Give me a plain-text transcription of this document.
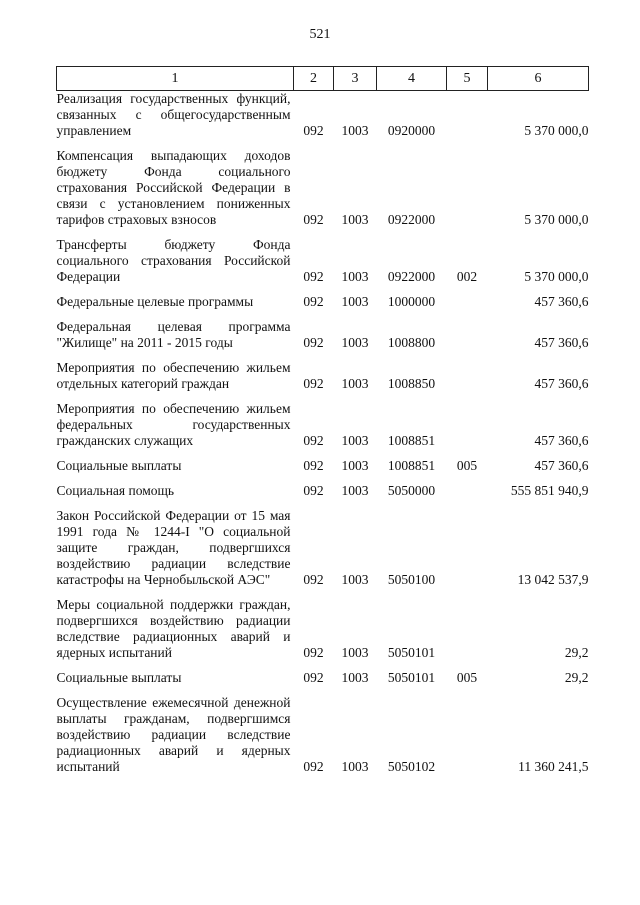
521
1	2	3	4	5	6
Реализация государственных функций, связанных с общегосударственным управлением	092	1003	0920000		5 370 000,0

Компенсация выпадающих доходов бюджету Фонда социального страхования Российской Федерации в связи с установлением пониженных тарифов страховых взносов	092	1003	0922000		5 370 000,0

Трансферты бюджету Фонда социального страхования Российской Федерации	092	1003	0922000	002	5 370 000,0

Федеральные целевые программы	092	1003	1000000		457 360,6

Федеральная целевая программа "Жилище" на 2011 - 2015 годы	092	1003	1008800		457 360,6

Мероприятия по обеспечению жильем отдельных категорий граждан	092	1003	1008850		457 360,6

Мероприятия по обеспечению жильем федеральных государственных гражданских служащих	092	1003	1008851		457 360,6

Социальные выплаты	092	1003	1008851	005	457 360,6

Социальная помощь	092	1003	5050000		555 851 940,9

Закон Российской Федерации от 15 мая 1991 года № 1244-I "О социальной защите граждан, подвергшихся воздействию радиации вследствие катастрофы на Чернобыльской АЭС"	092	1003	5050100		13 042 537,9

Меры социальной поддержки граждан, подвергшихся воздействию радиации вследствие радиационных аварий и ядерных испытаний	092	1003	5050101		29,2

Социальные выплаты	092	1003	5050101	005	29,2

Осуществление ежемесячной денежной выплаты гражданам, подвергшимся воздействию радиации вследствие радиационных аварий и ядерных испытаний	092	1003	5050102		11 360 241,5
